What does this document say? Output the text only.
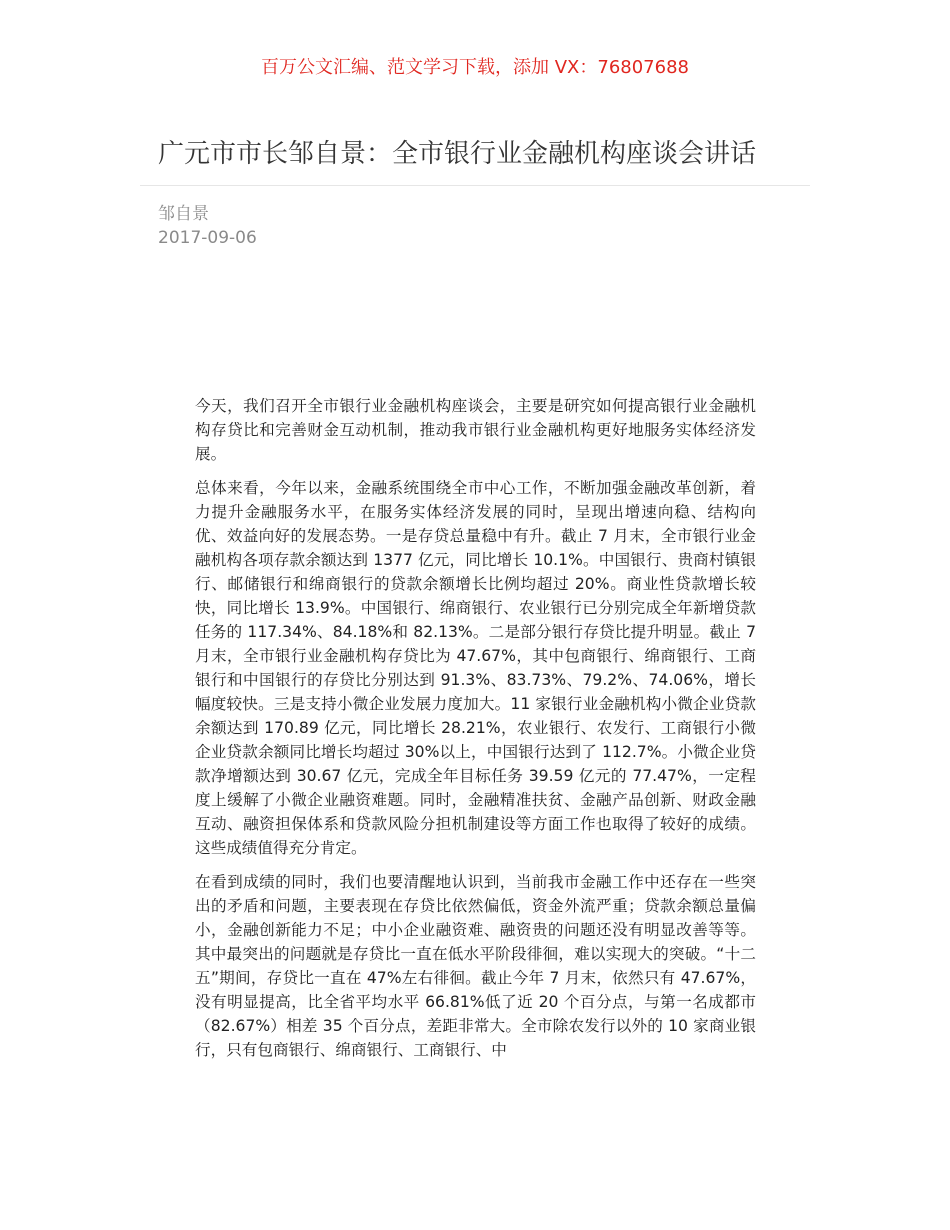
百万公文汇编、范文学习下载，添加 VX：76807688
广元市市长邹自景：全市银行业金融机构座谈会讲话
邹自景
2017-09-06

今天，我们召开全市银行业金融机构座谈会，主要是研究如何提高银行业金融机构存贷比和完善财金互动机制，推动我市银行业金融机构更好地服务实体经济发展。

总体来看，今年以来，金融系统围绕全市中心工作，不断加强金融改革创新，着力提升金融服务水平，在服务实体经济发展的同时，呈现出增速向稳、结构向优、效益向好的发展态势。一是存贷总量稳中有升。截止 7 月末，全市银行业金融机构各项存款余额达到 1377 亿元，同比增长 10.1%。中国银行、贵商村镇银行、邮储银行和绵商银行的贷款余额增长比例均超过 20%。商业性贷款增长较快，同比增长 13.9%。中国银行、绵商银行、农业银行已分别完成全年新增贷款任务的 117.34%、84.18%和 82.13%。二是部分银行存贷比提升明显。截止 7 月末，全市银行业金融机构存贷比为 47.67%，其中包商银行、绵商银行、工商银行和中国银行的存贷比分别达到 91.3%、83.73%、79.2%、74.06%，增长幅度较快。三是支持小微企业发展力度加大。11 家银行业金融机构小微企业贷款余额达到 170.89 亿元，同比增长 28.21%，农业银行、农发行、工商银行小微企业贷款余额同比增长均超过 30%以上，中国银行达到了 112.7%。小微企业贷款净增额达到 30.67 亿元，完成全年目标任务 39.59 亿元的 77.47%，一定程度上缓解了小微企业融资难题。同时，金融精准扶贫、金融产品创新、财政金融互动、融资担保体系和贷款风险分担机制建设等方面工作也取得了较好的成绩。这些成绩值得充分肯定。

在看到成绩的同时，我们也要清醒地认识到，当前我市金融工作中还存在一些突出的矛盾和问题，主要表现在存贷比依然偏低，资金外流严重；贷款余额总量偏小，金融创新能力不足；中小企业融资难、融资贵的问题还没有明显改善等等。其中最突出的问题就是存贷比一直在低水平阶段徘徊，难以实现大的突破。“十二五”期间，存贷比一直在 47%左右徘徊。截止今年 7 月末，依然只有 47.67%，没有明显提高，比全省平均水平 66.81%低了近 20 个百分点，与第一名成都市（82.67%）相差 35 个百分点，差距非常大。全市除农发行以外的 10 家商业银行，只有包商银行、绵商银行、工商银行、中
